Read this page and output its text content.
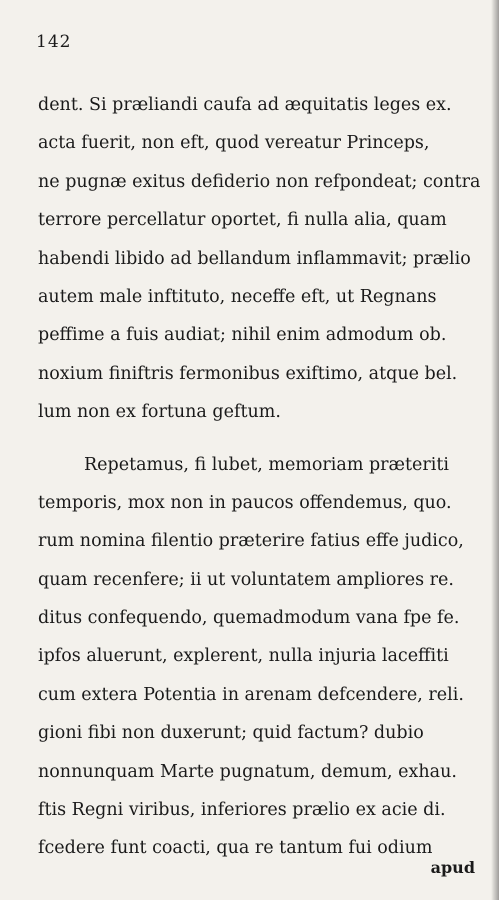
142
dent. Si præliandi caufa ad æquitatis leges ex.
acta fuerit, non eft, quod vereatur Princeps,
ne pugnæ exitus defiderio non refpondeat; contra
terrore percellatur oportet, fi nulla alia, quam
habendi libido ad bellandum inflammavit; prælio
autem male inftituto, neceffe eft, ut Regnans
peffime a fuis audiat; nihil enim admodum ob.
noxium finiftris fermonibus exiftimo, atque bel.
lum non ex fortuna geftum.
Repetamus, fi lubet, memoriam præteriti
temporis, mox non in paucos offendemus, quo.
rum nomina filentio præterire fatius effe judico,
quam recenfere; ii ut voluntatem ampliores re.
ditus confequendo, quemadmodum vana fpe fe.
ipfos aluerunt, explerent, nulla injuria laceffiti
cum extera Potentia in arenam defcendere, reli.
gioni fibi non duxerunt; quid factum? dubio
nonnunquam Marte pugnatum, demum, exhau.
ftis Regni viribus, inferiores prælio ex acie di.
fcedere funt coacti, qua re tantum fui odium
apud
